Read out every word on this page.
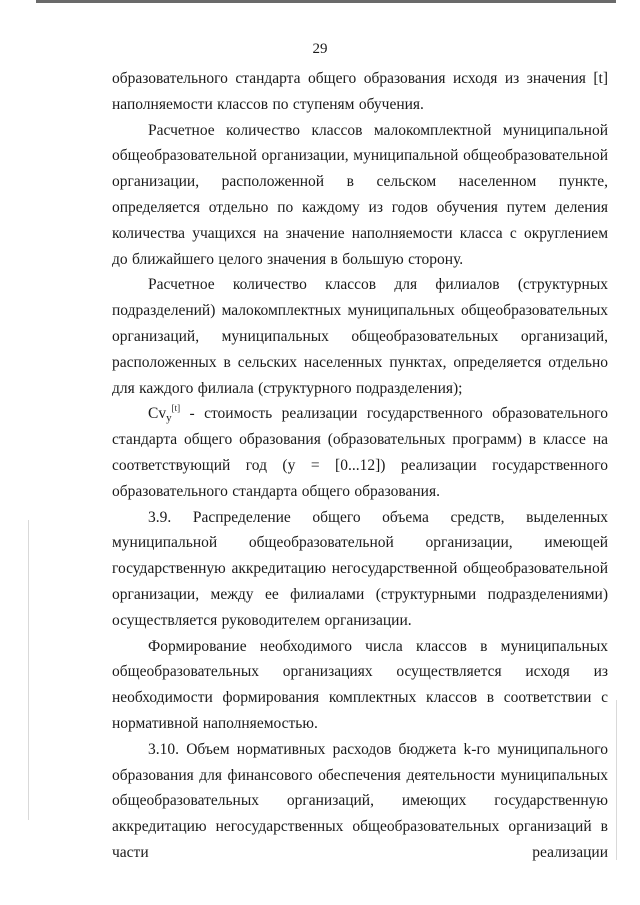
29

образовательного стандарта общего образования исходя из значения [t] наполняемости классов по ступеням обучения.

Расчетное количество классов малокомплектной муниципальной общеобразовательной организации, муниципальной общеобразовательной организации, расположенной в сельском населенном пункте, определяется отдельно по каждому из годов обучения путем деления количества учащихся на значение наполняемости класса с округлением до ближайшего целого значения в большую сторону.

Расчетное количество классов для филиалов (структурных подразделений) малокомплектных муниципальных общеобразовательных организаций, муниципальных общеобразовательных организаций, расположенных в сельских населенных пунктах, определяется отдельно для каждого филиала (структурного подразделения);

$Cv_y[t]$ - стоимость реализации государственного образовательного стандарта общего образования (образовательных программ) в классе на соответствующий год (y = [0...12]) реализации государственного образовательного стандарта общего образования.

3.9. Распределение общего объема средств, выделенных муниципальной общеобразовательной организации, имеющей государственную аккредитацию негосударственной общеобразовательной организации, между ее филиалами (структурными подразделениями) осуществляется руководителем организации.

Формирование необходимого числа классов в муниципальных общеобразовательных организациях осуществляется исходя из необходимости формирования комплектных классов в соответствии с нормативной наполняемостью.

3.10. Объем нормативных расходов бюджета k-го муниципального образования для финансового обеспечения деятельности муниципальных общеобразовательных организаций, имеющих государственную аккредитацию негосударственных общеобразовательных организаций в части реализации
